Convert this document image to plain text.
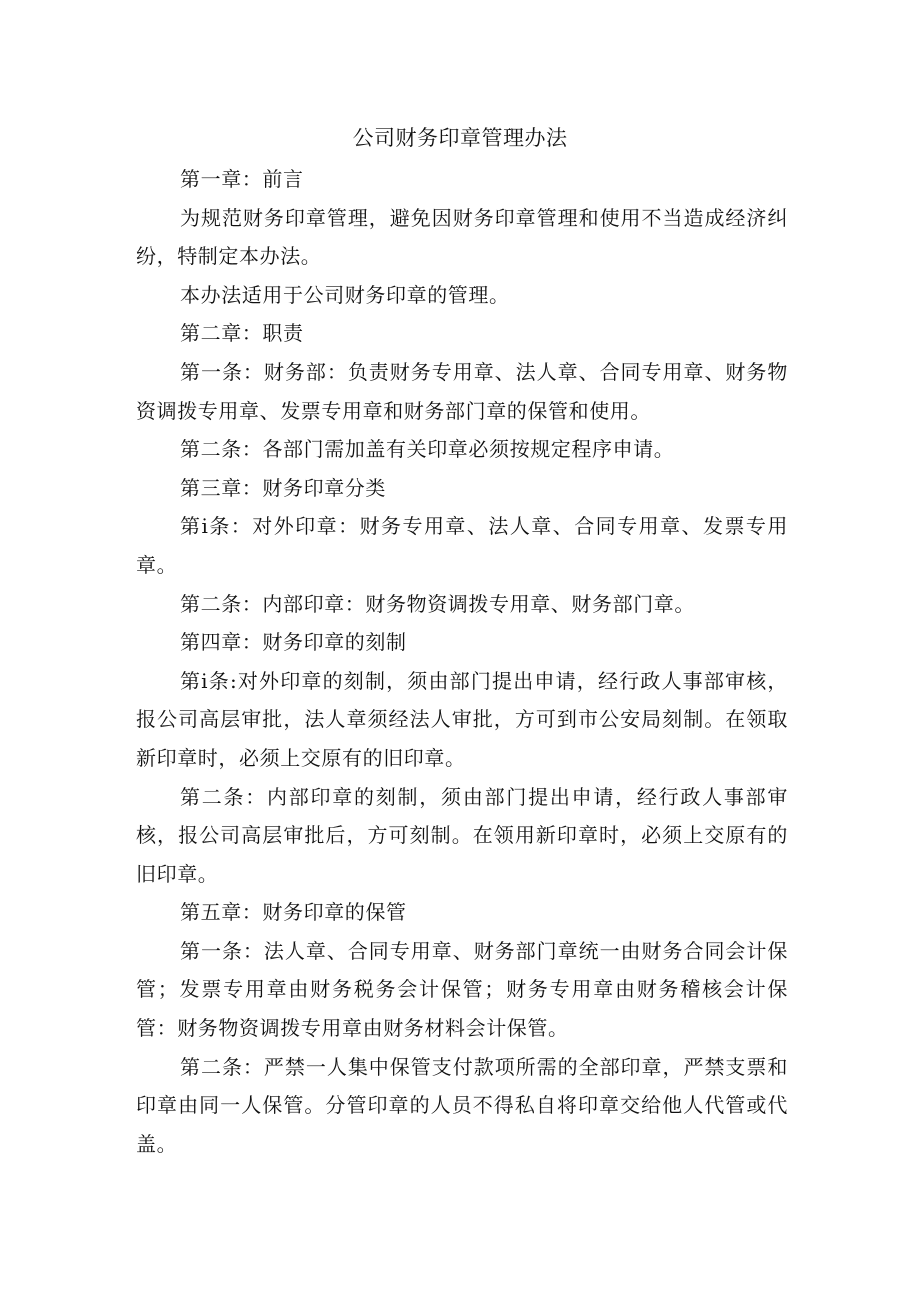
公司财务印章管理办法

第一章：前言

为规范财务印章管理，避免因财务印章管理和使用不当造成经济纠纷，特制定本办法。

本办法适用于公司财务印章的管理。

第二章：职责

第一条：财务部：负责财务专用章、法人章、合同专用章、财务物资调拨专用章、发票专用章和财务部门章的保管和使用。

第二条：各部门需加盖有关印章必须按规定程序申请。

第三章：财务印章分类

第i条：对外印章：财务专用章、法人章、合同专用章、发票专用章。

第二条：内部印章：财务物资调拨专用章、财务部门章。

第四章：财务印章的刻制

第i条:对外印章的刻制，须由部门提出申请，经行政人事部审核，报公司高层审批，法人章须经法人审批，方可到市公安局刻制。在领取新印章时，必须上交原有的旧印章。

第二条：内部印章的刻制，须由部门提出申请，经行政人事部审核，报公司高层审批后，方可刻制。在领用新印章时，必须上交原有的旧印章。

第五章：财务印章的保管

第一条：法人章、合同专用章、财务部门章统一由财务合同会计保管；发票专用章由财务税务会计保管；财务专用章由财务稽核会计保管：财务物资调拨专用章由财务材料会计保管。

第二条：严禁一人集中保管支付款项所需的全部印章，严禁支票和印章由同一人保管。分管印章的人员不得私自将印章交给他人代管或代盖。
